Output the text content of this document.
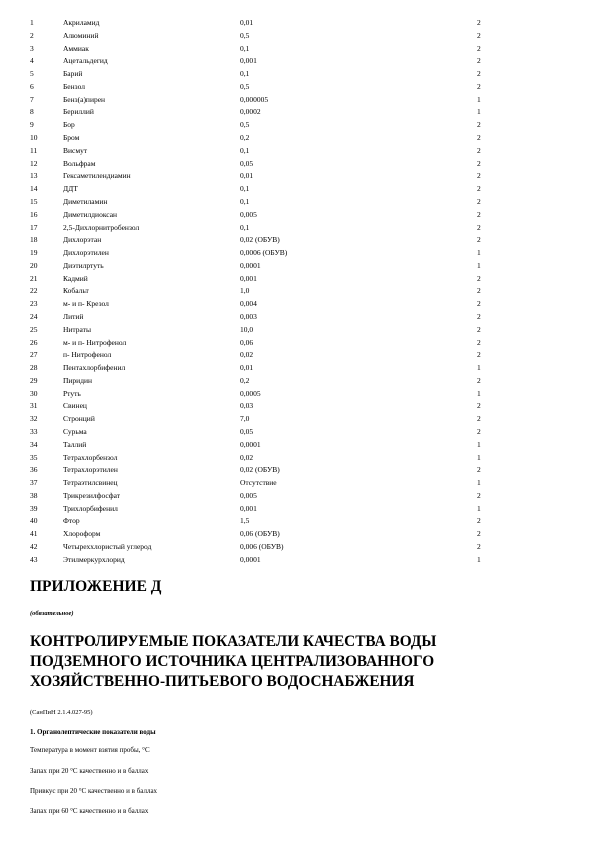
1	Акриламид	0,01	2
2	Алюминий	0,5	2
3	Аммиак	0,1	2
4	Ацетальдегид	0,001	2
5	Барий	0,1	2
6	Бензол	0,5	2
7	Бенз(а)пирен	0,000005	1
8	Бериллий	0,0002	1
9	Бор	0,5	2
10	Бром	0,2	2
11	Висмут	0,1	2
12	Вольфрам	0,05	2
13	Гексаметилендиамин	0,01	2
14	ДДТ	0,1	2
15	Диметиламин	0,1	2
16	Диметилдиоксан	0,005	2
17	2,5-Дихлорнитробензол	0,1	2
18	Дихлорэтан	0,02 (ОБУВ)	2
19	Дихлорэтилен	0,0006 (ОБУВ)	1
20	Диэтилртуть	0,0001	1
21	Кадмий	0,001	2
22	Кобальт	1,0	2
23	м- и п- Крезол	0,004	2
24	Литий	0,003	2
25	Нитраты	10,0	2
26	м- и п- Нитрофенол	0,06	2
27	п- Нитрофенол	0,02	2
28	Пентахлорбифенил	0,01	1
29	Пиридин	0,2	2
30	Ртуть	0,0005	1
31	Свинец	0,03	2
32	Стронций	7,0	2
33	Сурьма	0,05	2
34	Таллий	0,0001	1
35	Тетрахлорбензол	0,02	1
36	Тетрахлорэтилен	0,02 (ОБУВ)	2
37	Тетраэтилсвинец	Отсутствие	1
38	Трикрезилфосфат	0,005	2
39	Трихлорбифенил	0,001	1
40	Фтор	1,5	2
41	Хлороформ	0,06 (ОБУВ)	2
42	Четыреххлористый углерод	0,006 (ОБУВ)	2
43	Этилмеркурхлорид	0,0001	1
ПРИЛОЖЕНИЕ Д

(обязательное)

КОНТРОЛИРУЕМЫЕ ПОКАЗАТЕЛИ КАЧЕСТВА ВОДЫ
ПОДЗЕМНОГО ИСТОЧНИКА ЦЕНТРАЛИЗОВАННОГО
ХОЗЯЙСТВЕННО-ПИТЬЕВОГО ВОДОСНАБЖЕНИЯ

(СанПиН 2.1.4.027-95)

1. Органолептические показатели воды

Температура в момент взятия пробы, °С

Запах при 20 °С качественно и в баллах

Привкус при 20 °С качественно и в баллах

Запах при 60 °С качественно и в баллах
